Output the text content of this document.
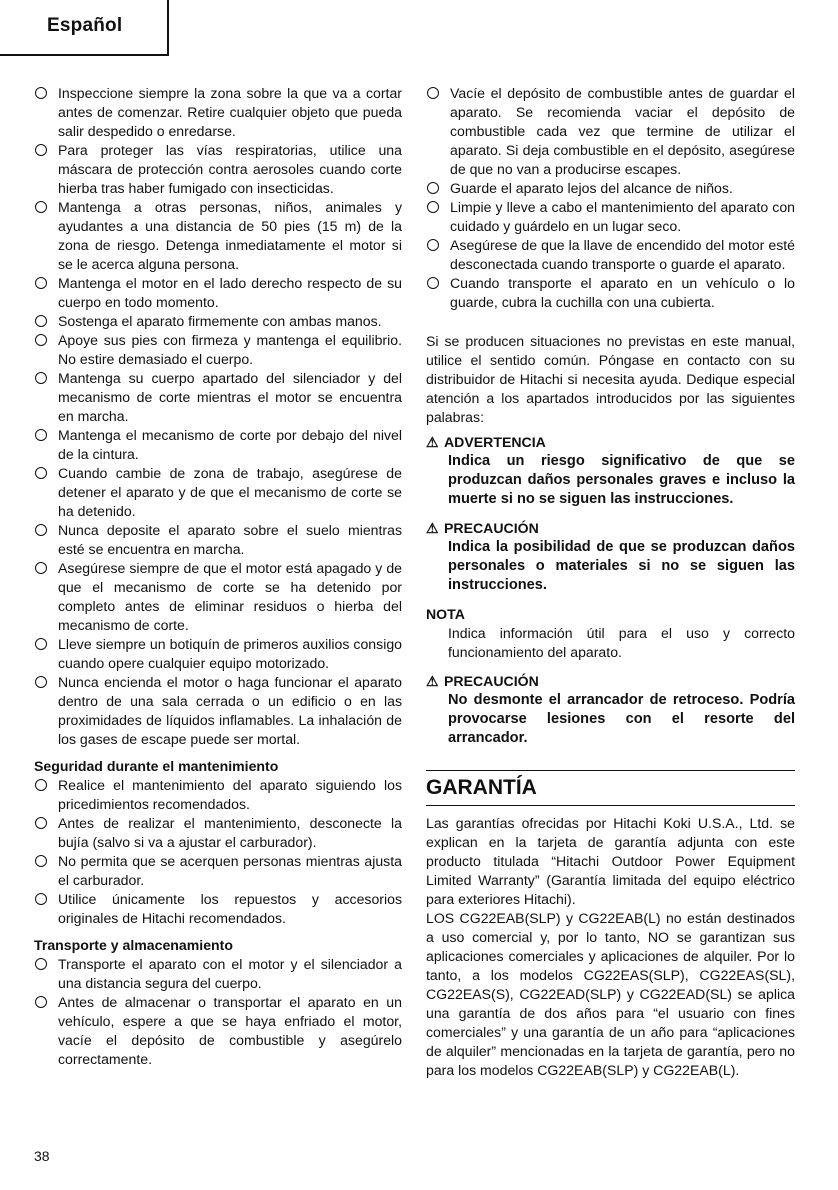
Español
Inspeccione siempre la zona sobre la que va a cortar antes de comenzar. Retire cualquier objeto que pueda salir despedido o enredarse.
Para proteger las vías respiratorias, utilice una máscara de protección contra aerosoles cuando corte hierba tras haber fumigado con insecticidas.
Mantenga a otras personas, niños, animales y ayudantes a una distancia de 50 pies (15 m) de la zona de riesgo. Detenga inmediatamente el motor si se le acerca alguna persona.
Mantenga el motor en el lado derecho respecto de su cuerpo en todo momento.
Sostenga el aparato firmemente con ambas manos.
Apoye sus pies con firmeza y mantenga el equilibrio. No estire demasiado el cuerpo.
Mantenga su cuerpo apartado del silenciador y del mecanismo de corte mientras el motor se encuentra en marcha.
Mantenga el mecanismo de corte por debajo del nivel de la cintura.
Cuando cambie de zona de trabajo, asegúrese de detener el aparato y de que el mecanismo de corte se ha detenido.
Nunca deposite el aparato sobre el suelo mientras esté se encuentra en marcha.
Asegúrese siempre de que el motor está apagado y de que el mecanismo de corte se ha detenido por completo antes de eliminar residuos o hierba del mecanismo de corte.
Lleve siempre un botiquín de primeros auxilios consigo cuando opere cualquier equipo motorizado.
Nunca encienda el motor o haga funcionar el aparato dentro de una sala cerrada o un edificio o en las proximidades de líquidos inflamables. La inhalación de los gases de escape puede ser mortal.
Seguridad durante el mantenimiento
Realice el mantenimiento del aparato siguiendo los pricedimientos recomendados.
Antes de realizar el mantenimiento, desconecte la bujía (salvo si va a ajustar el carburador).
No permita que se acerquen personas mientras ajusta el carburador.
Utilice únicamente los repuestos y accesorios originales de Hitachi recomendados.
Transporte y almacenamiento
Transporte el aparato con el motor y el silenciador a una distancia segura del cuerpo.
Antes de almacenar o transportar el aparato en un vehículo, espere a que se haya enfriado el motor, vacíe el depósito de combustible y asegúrelo correctamente.
Vacíe el depósito de combustible antes de guardar el aparato. Se recomienda vaciar el depósito de combustible cada vez que termine de utilizar el aparato. Si deja combustible en el depósito, asegúrese de que no van a producirse escapes.
Guarde el aparato lejos del alcance de niños.
Limpie y lleve a cabo el mantenimiento del aparato con cuidado y guárdelo en un lugar seco.
Asegúrese de que la llave de encendido del motor esté desconectada cuando transporte o guarde el aparato.
Cuando transporte el aparato en un vehículo o lo guarde, cubra la cuchilla con una cubierta.
Si se producen situaciones no previstas en este manual, utilice el sentido común. Póngase en contacto con su distribuidor de Hitachi si necesita ayuda. Dedique especial atención a los apartados introducidos por las siguientes palabras:
⚠ ADVERTENCIA
Indica un riesgo significativo de que se produzcan daños personales graves e incluso la muerte si no se siguen las instrucciones.
⚠ PRECAUCIÓN
Indica la posibilidad de que se produzcan daños personales o materiales si no se siguen las instrucciones.
NOTA
Indica información útil para el uso y correcto funcionamiento del aparato.
⚠ PRECAUCIÓN
No desmonte el arrancador de retroceso. Podría provocarse lesiones con el resorte del arrancador.
GARANTÍA
Las garantías ofrecidas por Hitachi Koki U.S.A., Ltd. se explican en la tarjeta de garantía adjunta con este producto titulada “Hitachi Outdoor Power Equipment Limited Warranty” (Garantía limitada del equipo eléctrico para exteriores Hitachi).
LOS CG22EAB(SLP) y CG22EAB(L) no están destinados a uso comercial y, por lo tanto, NO se garantizan sus aplicaciones comerciales y aplicaciones de alquiler. Por lo tanto, a los modelos CG22EAS(SLP), CG22EAS(SL), CG22EAS(S), CG22EAD(SLP) y CG22EAD(SL) se aplica una garantía de dos años para “el usuario con fines comerciales” y una garantía de un año para “aplicaciones de alquiler” mencionadas en la tarjeta de garantía, pero no para los modelos CG22EAB(SLP) y CG22EAB(L).
38
